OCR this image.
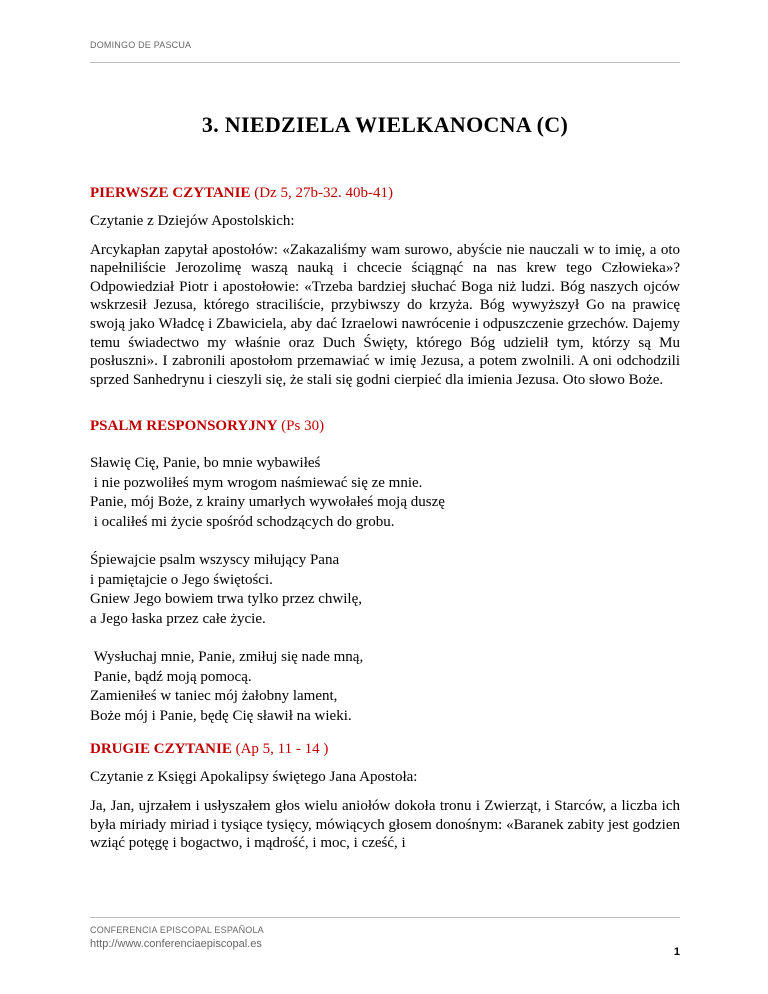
DOMINGO DE PASCUA
3. NIEDZIELA WIELKANOCNA (C)
PIERWSZE CZYTANIE (Dz 5, 27b-32. 40b-41)
Czytanie z Dziejów Apostolskich:
Arcykapłan zapytał apostołów: «Zakazaliśmy wam surowo, abyście nie nauczali w to imię, a oto napełniliście Jerozolimę waszą nauką i chcecie ściągnąć na nas krew tego Człowieka»? Odpowiedział Piotr i apostołowie: «Trzeba bardziej słuchać Boga niż ludzi. Bóg naszych ojców wskrzesił Jezusa, którego straciliście, przybiwszy do krzyża. Bóg wywyższył Go na prawicę swoją jako Władcę i Zbawiciela, aby dać Izraelowi nawrócenie i odpuszczenie grzechów. Dajemy temu świadectwo my właśnie oraz Duch Święty, którego Bóg udzielił tym, którzy są Mu posłuszni». I zabronili apostołom przemawiać w imię Jezusa, a potem zwolnili. A oni odchodzili sprzed Sanhedrynu i cieszyli się, że stali się godni cierpieć dla imienia Jezusa. Oto słowo Boże.
PSALM RESPONSORYJNY (Ps 30)
Sławię Cię, Panie, bo mnie wybawiłeś
i nie pozwoliłeś mym wrogom naśmiewać się ze mnie.
Panie, mój Boże, z krainy umarłych wywołałeś moją duszę
i ocaliłeś mi życie spośród schodzących do grobu.
Śpiewajcie psalm wszyscy miłujący Pana
i pamiętajcie o Jego świętości.
Gniew Jego bowiem trwa tylko przez chwilę,
a Jego łaska przez całe życie.
Wysłuchaj mnie, Panie, zmiłuj się nade mną,
Panie, bądź moją pomocą.
Zamieniłeś w taniec mój żałobny lament,
Boże mój i Panie, będę Cię sławił na wieki.
DRUGIE CZYTANIE (Ap 5, 11 - 14 )
Czytanie z Księgi Apokalipsy świętego Jana Apostoła:
Ja, Jan, ujrzałem i usłyszałem głos wielu aniołów dokoła tronu i Zwierząt, i Starców, a liczba ich była miriady miriad i tysiące tysięcy, mówiących głosem donośnym: «Baranek zabity jest godzien wziąć potęgę i bogactwo, i mądrość, i moc, i cześć, i
CONFERENCIA EPISCOPAL ESPAÑOLA
http://www.conferenciaepiscopal.es
1
